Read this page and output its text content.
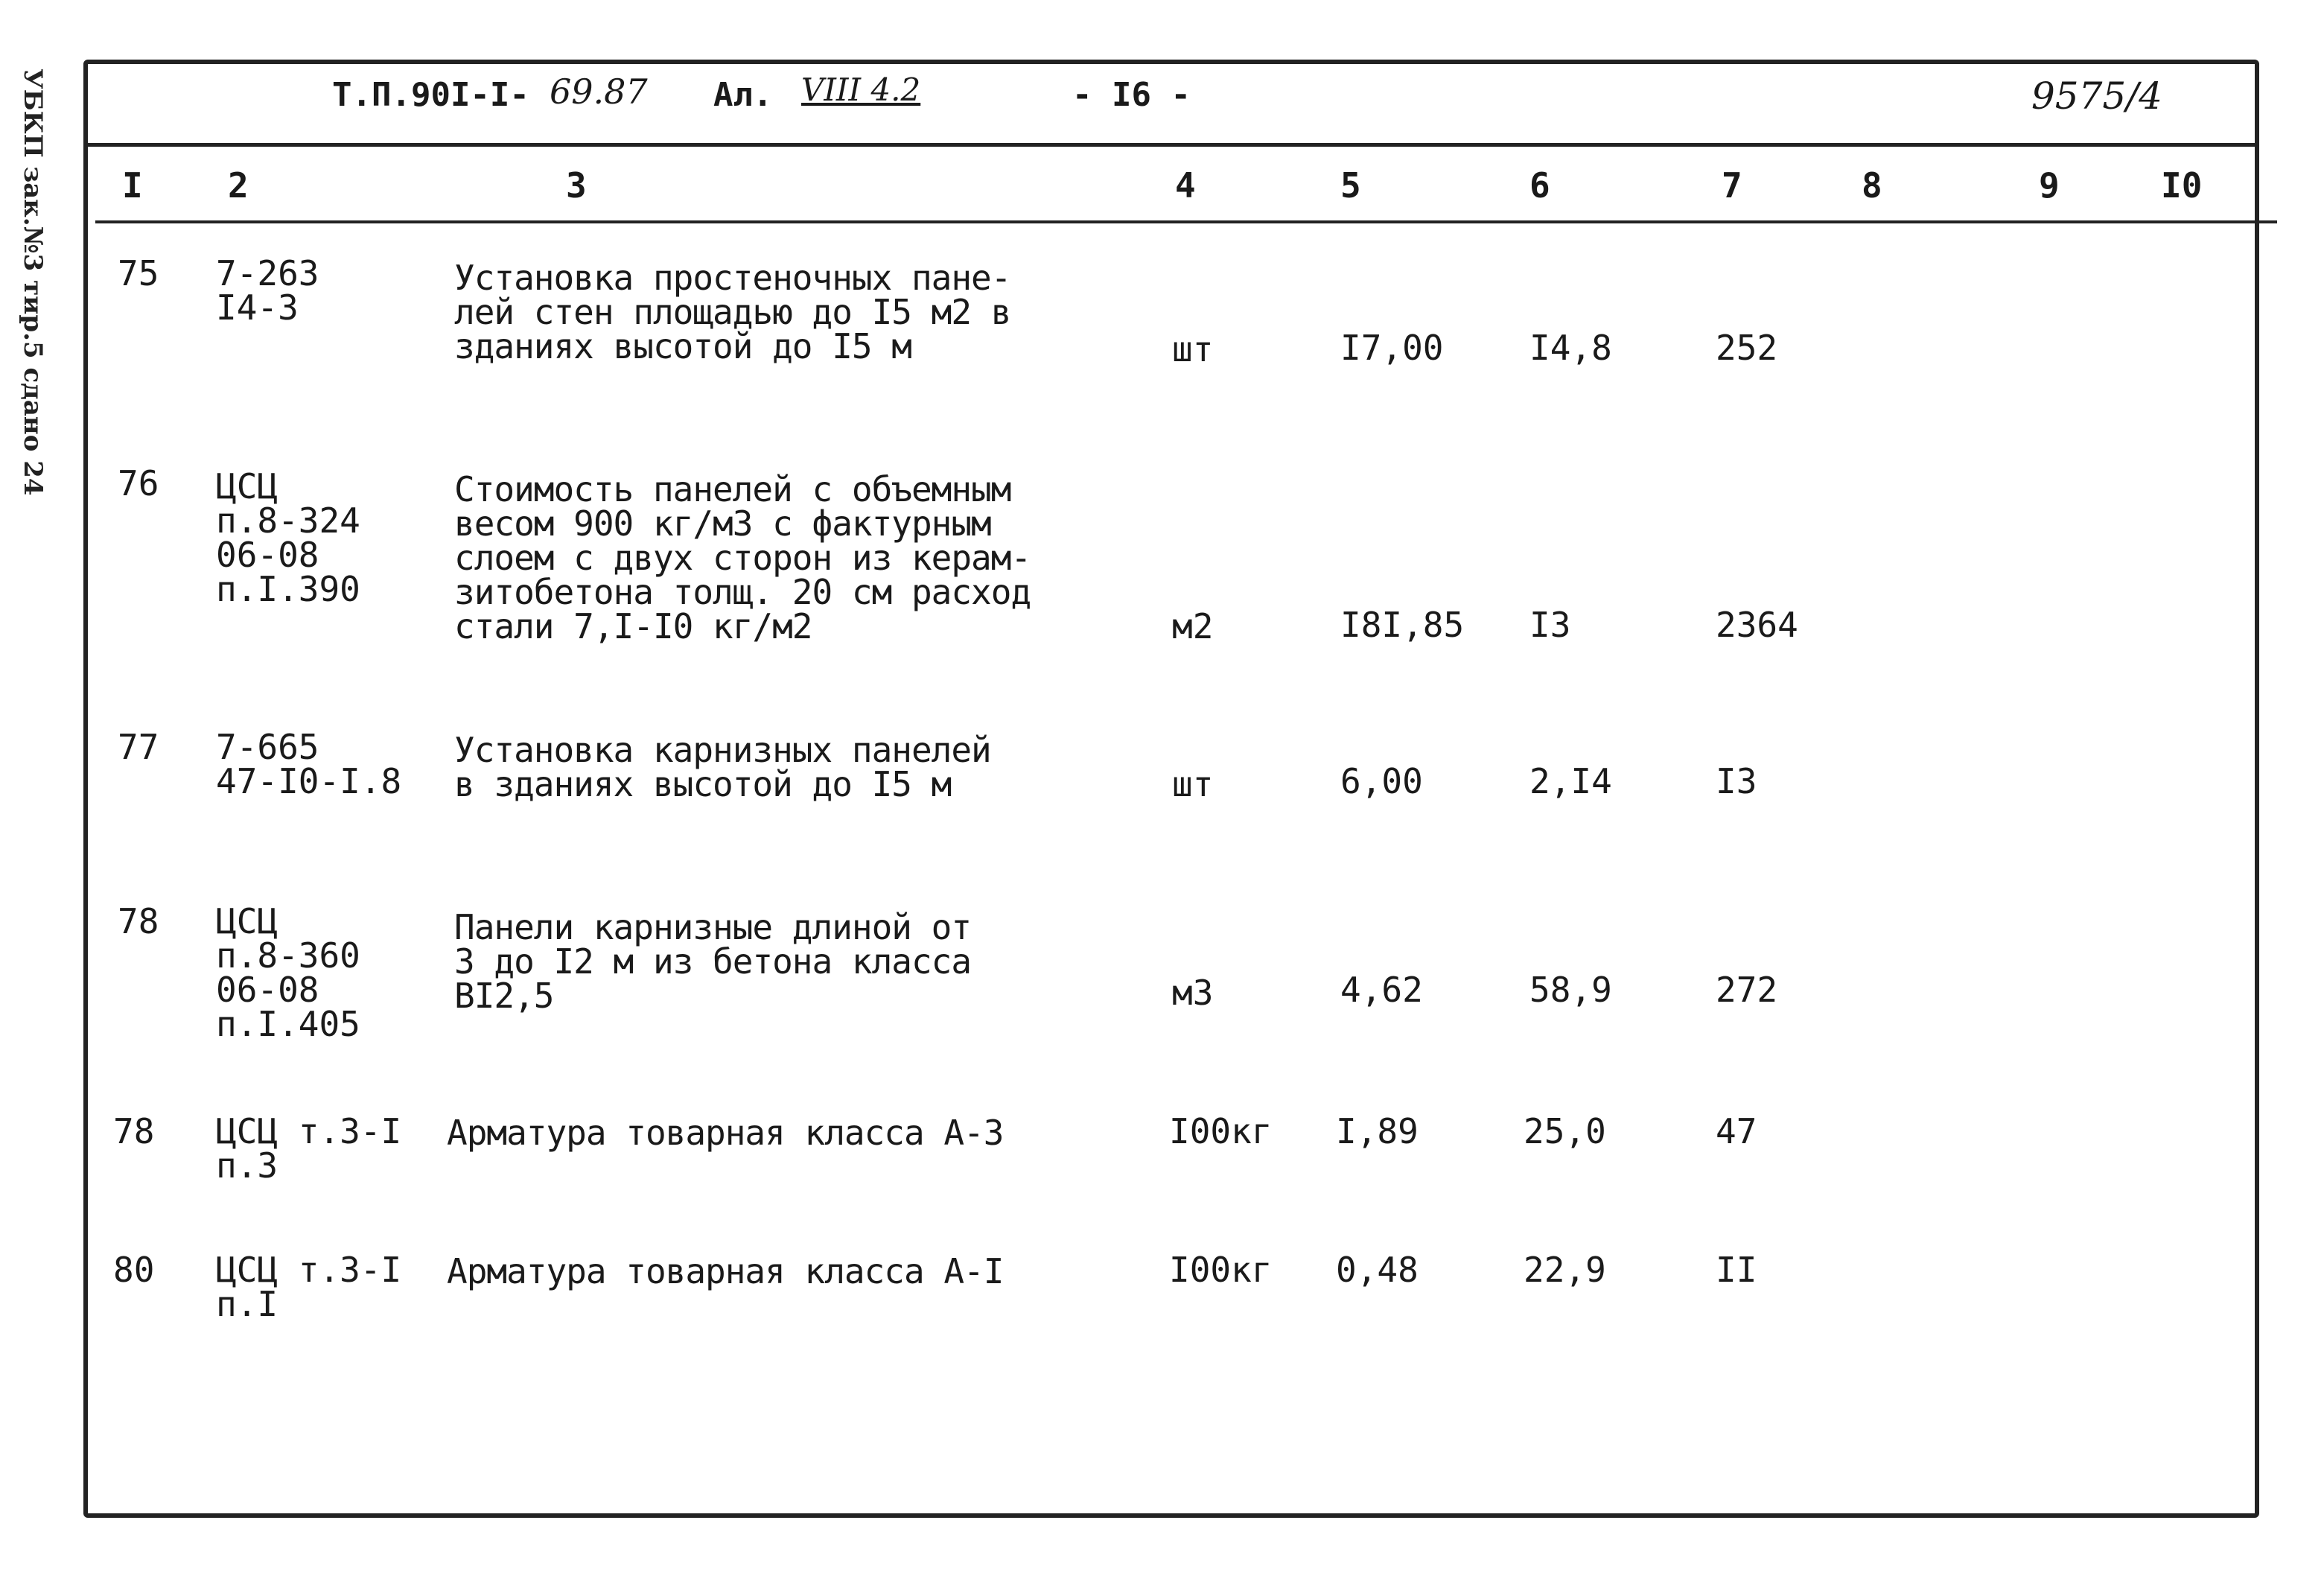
УБКП зак.№3 тир.5 сдано 24	Т.П.90I-I- 69.87 Ал. VIII 4.2	- I6 -	9575/4
I 2	3	4	5	6	7	8	9	I0
75 7-263
I4-3
Установка простеночных пане-
лей стен площадью до I5 м2 в
зданиях высотой до I5 м	шт	I7,00	I4,8	252
76 ЦСЦ
п.8-324
06-08
п.I.390
Стоимость панелей с объемным
весом 900 кг/м3 с фактурным
слоем с двух сторон из керам-
зитобетона толщ. 20 см расход
стали 7,I-I0 кг/м2	м2	I8I,85 I3	2364
77 7-665
47-I0-I.8
Установка карнизных панелей
в зданиях высотой до I5 м	шт	6,00	2,I4	I3
78 ЦСЦ
п.8-360
06-08
п.I.405
Панели карнизные длиной от
3 до I2 м из бетона класса
BI2,5	м3	4,62	58,9	272
78 ЦСЦ т.3-I
п.3
Арматура товарная класса А-3	I00кг I,89	25,0	47
80 ЦСЦ т.3-I
п.I
Арматура товарная класса А-I	I00кг 0,48	22,9	II
